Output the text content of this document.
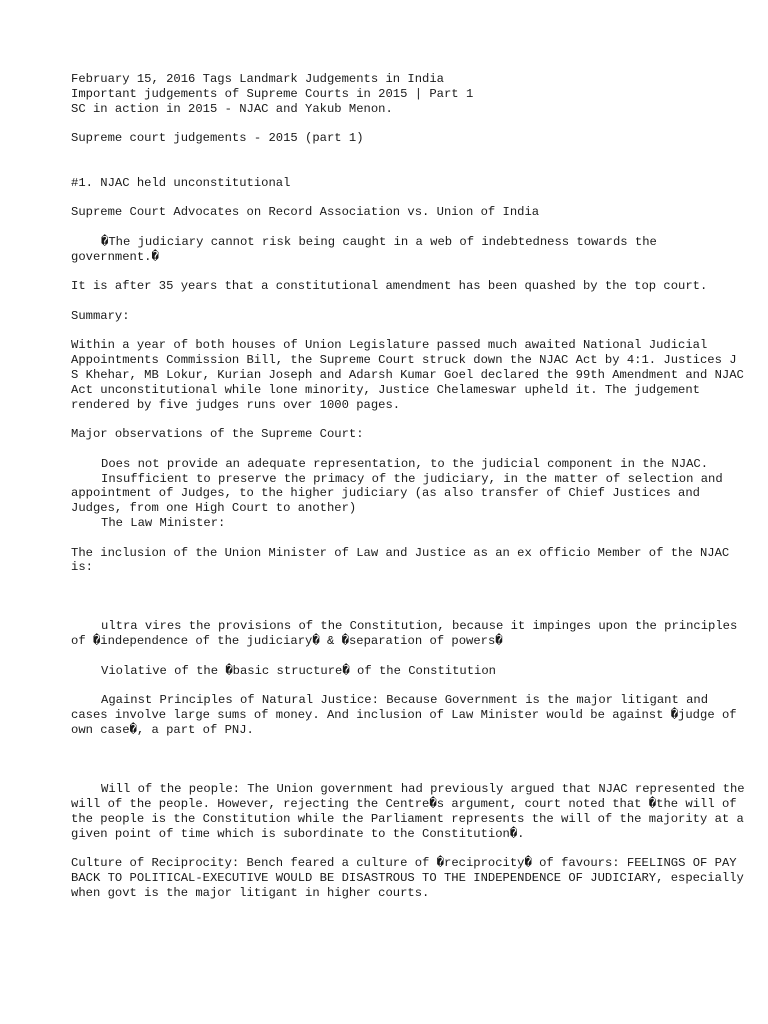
February 15, 2016 Tags Landmark Judgements in India

Important judgements of Supreme Courts in 2015 | Part 1

SC in action in 2015 - NJAC and Yakub Menon.

Supreme court judgements - 2015 (part 1)

#1. NJAC held unconstitutional

Supreme Court Advocates on Record Association vs. Union of India

�The judiciary cannot risk being caught in a web of indebtedness towards the government.�

It is after 35 years that a constitutional amendment has been quashed by the top court.

Summary:

Within a year of both houses of Union Legislature passed much awaited National Judicial Appointments Commission Bill, the Supreme Court struck down the NJAC Act by 4:1. Justices J S Khehar, MB Lokur, Kurian Joseph and Adarsh Kumar Goel declared the 99th Amendment and NJAC Act unconstitutional while lone minority, Justice Chelameswar upheld it. The judgement rendered by five judges runs over 1000 pages.

Major observations of the Supreme Court:

Does not provide an adequate representation, to the judicial component in the NJAC.

Insufficient to preserve the primacy of the judiciary, in the matter of selection and appointment of Judges, to the higher judiciary (as also transfer of Chief Justices and Judges, from one High Court to another)

The Law Minister:

The inclusion of the Union Minister of Law and Justice as an ex officio Member of the NJAC is:

ultra vires the provisions of the Constitution, because it impinges upon the principles of �independence of the judiciary� & �separation of powers�

Violative of the �basic structure� of the Constitution

Against Principles of Natural Justice: Because Government is the major litigant and cases involve large sums of money. And inclusion of Law Minister would be against �judge of own case�, a part of PNJ.

Will of the people: The Union government had previously argued that NJAC represented the will of the people. However, rejecting the Centre�s argument, court noted that �the will of the people is the Constitution while the Parliament represents the will of the majority at a given point of time which is subordinate to the Constitution�.

Culture of Reciprocity: Bench feared a culture of �reciprocity� of favours: FEELINGS OF PAY BACK TO POLITICAL-EXECUTIVE WOULD BE DISASTROUS TO THE INDEPENDENCE OF JUDICIARY, especially when govt is the major litigant in higher courts.
